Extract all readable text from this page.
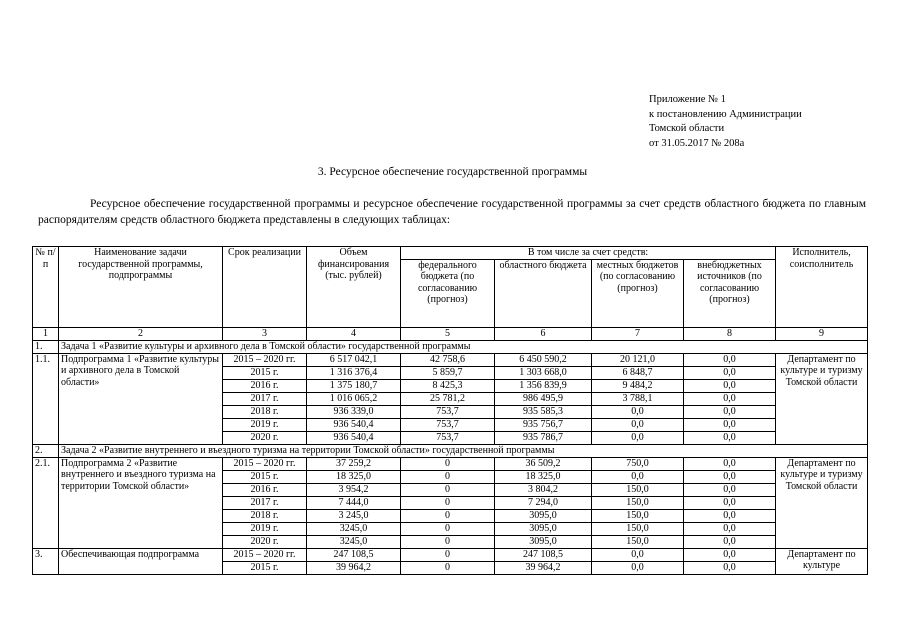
Приложение № 1
к постановлению Администрации
Томской области
от 31.05.2017 № 208а
3. Ресурсное обеспечение государственной программы

Ресурсное обеспечение государственной программы и ресурсное обеспечение государственной программы за счет средств областного бюджета по главным распорядителям средств областного бюджета представлены в следующих таблицах:

№ п/п	Наименование задачи государственной программы, подпрограммы	Срок реализации	Объем финансирования (тыс. рублей)	В том числе за счет средств:				Исполнитель, соисполнитель
				федерального бюджета (по согласованию (прогноз)	областного бюджета	местных бюджетов (по согласованию (прогноз)	внебюджетных источников (по согласованию (прогноз)	
1	2	3	4	5	6	7	8	9
1.	Задача 1 «Развитие культуры и архивного дела в Томской области» государственной программы							
1.1.	Подпрограмма 1 «Развитие культуры и архивного дела в Томской области»	2015 – 2020 гг.	6 517 042,1	42 758,6	6 450 590,2	20 121,0	0,0	Департамент по культуре и туризму Томской области
		2015 г.	1 316 376,4	5 859,7	1 303 668,0	6 848,7	0,0	
		2016 г.	1 375 180,7	8 425,3	1 356 839,9	9 484,2	0,0	
		2017 г.	1 016 065,2	25 781,2	986 495,9	3 788,1	0,0	
		2018 г.	936 339,0	753,7	935 585,3	0,0	0,0	
		2019 г.	936 540,4	753,7	935 756,7	0,0	0,0	
		2020 г.	936 540,4	753,7	935 786,7	0,0	0,0	
2.	Задача 2 «Развитие внутреннего и въездного туризма на территории Томской области» государственной программы							
2.1.	Подпрограмма 2 «Развитие внутреннего и въездного туризма на территории Томской области»	2015 – 2020 гг.	37 259,2	0	36 509,2	750,0	0,0	Департамент по культуре и туризму Томской области
		2015 г.	18 325,0	0	18 325,0	0,0	0,0	
		2016 г.	3 954,2	0	3 804,2	150,0	0,0	
		2017 г.	7 444,0	0	7 294,0	150,0	0,0	
		2018 г.	3 245,0	0	3095,0	150,0	0,0	
		2019 г.	3245,0	0	3095,0	150,0	0,0	
		2020 г.	3245,0	0	3095,0	150,0	0,0	
3.	Обеспечивающая подпрограмма	2015 – 2020 гг.	247 108,5	0	247 108,5	0,0	0,0	Департамент по культуре
		2015 г.	39 964,2	0	39 964,2	0,0	0,0	
